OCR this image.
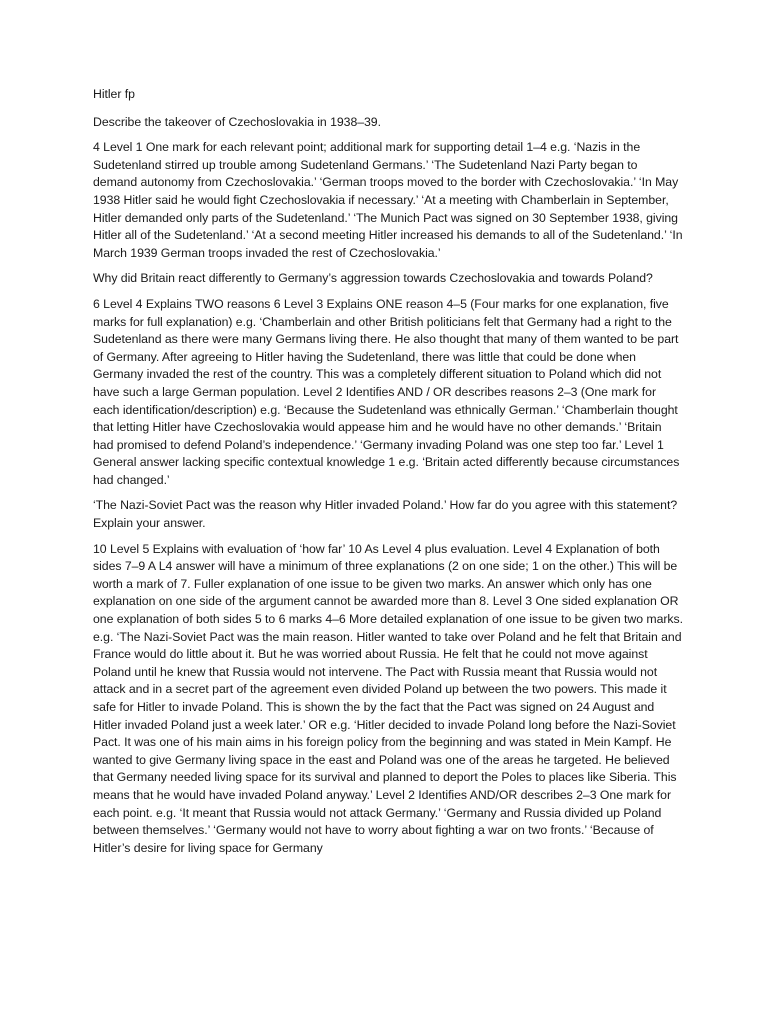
Hitler fp

Describe the takeover of Czechoslovakia in 1938–39.

4 Level 1 One mark for each relevant point; additional mark for supporting detail 1–4 e.g. ‘Nazis in the Sudetenland stirred up trouble among Sudetenland Germans.’ ‘The Sudetenland Nazi Party began to demand autonomy from Czechoslovakia.’ ‘German troops moved to the border with Czechoslovakia.’ ‘In May 1938 Hitler said he would fight Czechoslovakia if necessary.’ ‘At a meeting with Chamberlain in September, Hitler demanded only parts of the Sudetenland.’ ‘The Munich Pact was signed on 30 September 1938, giving Hitler all of the Sudetenland.’ ‘At a second meeting Hitler increased his demands to all of the Sudetenland.’ ‘In March 1939 German troops invaded the rest of Czechoslovakia.’

Why did Britain react differently to Germany’s aggression towards Czechoslovakia and towards Poland?

6 Level 4 Explains TWO reasons 6 Level 3 Explains ONE reason 4–5 (Four marks for one explanation, five marks for full explanation) e.g. ‘Chamberlain and other British politicians felt that Germany had a right to the Sudetenland as there were many Germans living there. He also thought that many of them wanted to be part of Germany. After agreeing to Hitler having the Sudetenland, there was little that could be done when Germany invaded the rest of the country. This was a completely different situation to Poland which did not have such a large German population. Level 2 Identifies AND / OR describes reasons 2–3 (One mark for each identification/description) e.g. ‘Because the Sudetenland was ethnically German.’ ‘Chamberlain thought that letting Hitler have Czechoslovakia would appease him and he would have no other demands.’ ‘Britain had promised to defend Poland’s independence.’ ‘Germany invading Poland was one step too far.’ Level 1 General answer lacking specific contextual knowledge 1 e.g. ‘Britain acted differently because circumstances had changed.’

‘The Nazi-Soviet Pact was the reason why Hitler invaded Poland.’ How far do you agree with this statement? Explain your answer.

10 Level 5 Explains with evaluation of ‘how far’ 10 As Level 4 plus evaluation. Level 4 Explanation of both sides 7–9 A L4 answer will have a minimum of three explanations (2 on one side; 1 on the other.) This will be worth a mark of 7. Fuller explanation of one issue to be given two marks. An answer which only has one explanation on one side of the argument cannot be awarded more than 8. Level 3 One sided explanation OR one explanation of both sides 5 to 6 marks 4–6 More detailed explanation of one issue to be given two marks. e.g. ‘The Nazi-Soviet Pact was the main reason. Hitler wanted to take over Poland and he felt that Britain and France would do little about it. But he was worried about Russia. He felt that he could not move against Poland until he knew that Russia would not intervene. The Pact with Russia meant that Russia would not attack and in a secret part of the agreement even divided Poland up between the two powers. This made it safe for Hitler to invade Poland. This is shown the by the fact that the Pact was signed on 24 August and Hitler invaded Poland just a week later.’ OR e.g. ‘Hitler decided to invade Poland long before the Nazi-Soviet Pact. It was one of his main aims in his foreign policy from the beginning and was stated in Mein Kampf. He wanted to give Germany living space in the east and Poland was one of the areas he targeted. He believed that Germany needed living space for its survival and planned to deport the Poles to places like Siberia. This means that he would have invaded Poland anyway.’ Level 2 Identifies AND/OR describes 2–3 One mark for each point. e.g. ‘It meant that Russia would not attack Germany.’ ‘Germany and Russia divided up Poland between themselves.’ ‘Germany would not have to worry about fighting a war on two fronts.’ ‘Because of Hitler’s desire for living space for Germany
